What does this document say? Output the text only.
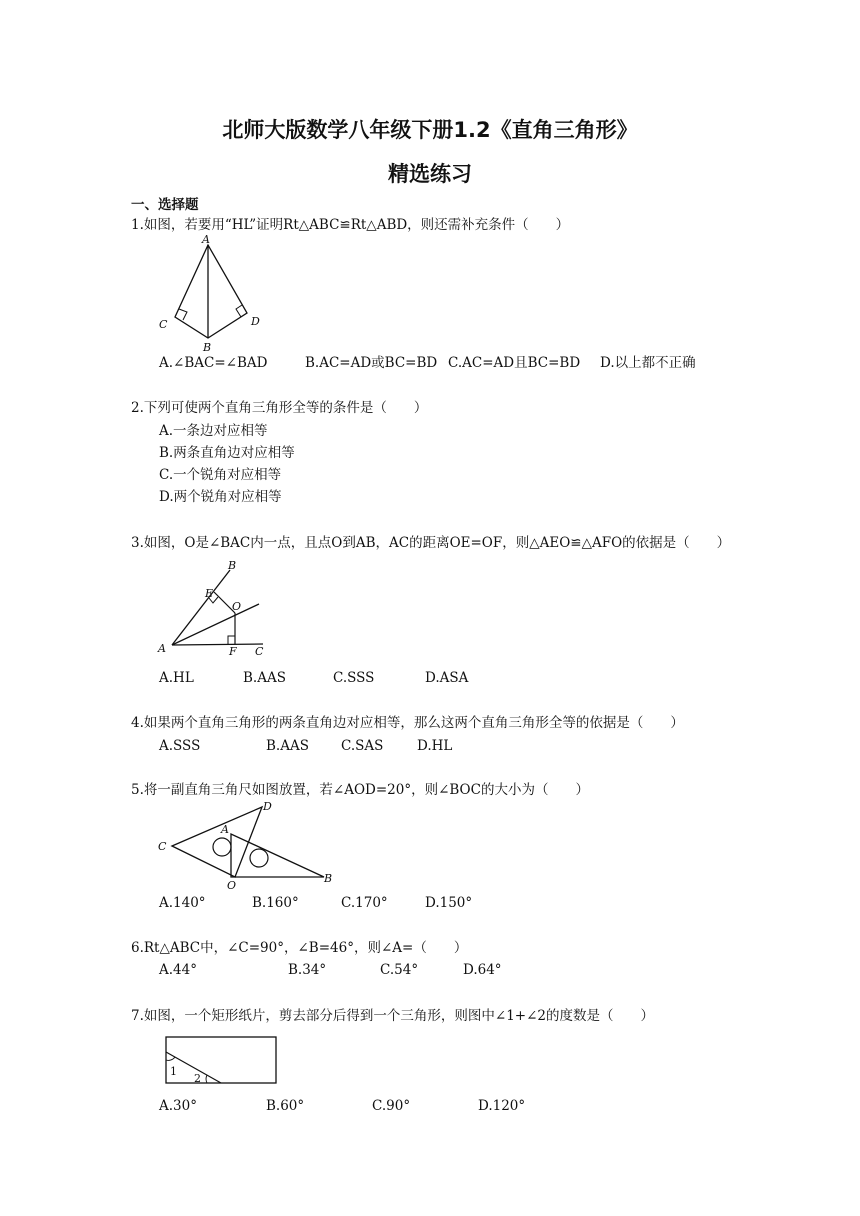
北师大版数学八年级下册1.2《直角三角形》
精选练习
一、选择题
1.如图，若要用“HL”证明Rt△ABC≌Rt△ABD，则还需补充条件（　　）
A
C
B
D
A.∠BAC=∠BAD	B.AC=AD或BC=BD C.AC=AD且BC=BD D.以上都不正确
2.下列可使两个直角三角形全等的条件是（　　）
A.一条边对应相等
B.两条直角边对应相等
C.一个锐角对应相等
D.两个锐角对应相等
3.如图，O是∠BAC内一点，且点O到AB，AC的距离OE=OF，则△AEO≌△AFO的依据是（　　）
B
E
O
A	F C
A.HL	B.AAS	C.SSS	D.ASA
4.如果两个直角三角形的两条直角边对应相等，那么这两个直角三角形全等的依据是（　　）
A.SSS	B.AAS C.SAS D.HL
5.将一副直角三角尺如图放置，若∠AOD=20°，则∠BOC的大小为（　　）
D
A
C
O
B
A.140°	B.160°	C.170°	D.150°
6.Rt△ABC中，∠C=90°，∠B=46°，则∠A=（　　）
A.44°	B.34°	C.54°	D.64°
7.如图，一个矩形纸片，剪去部分后得到一个三角形，则图中∠1+∠2的度数是（　　）
1
2
A.30°	B.60°	C.90°	D.120°
